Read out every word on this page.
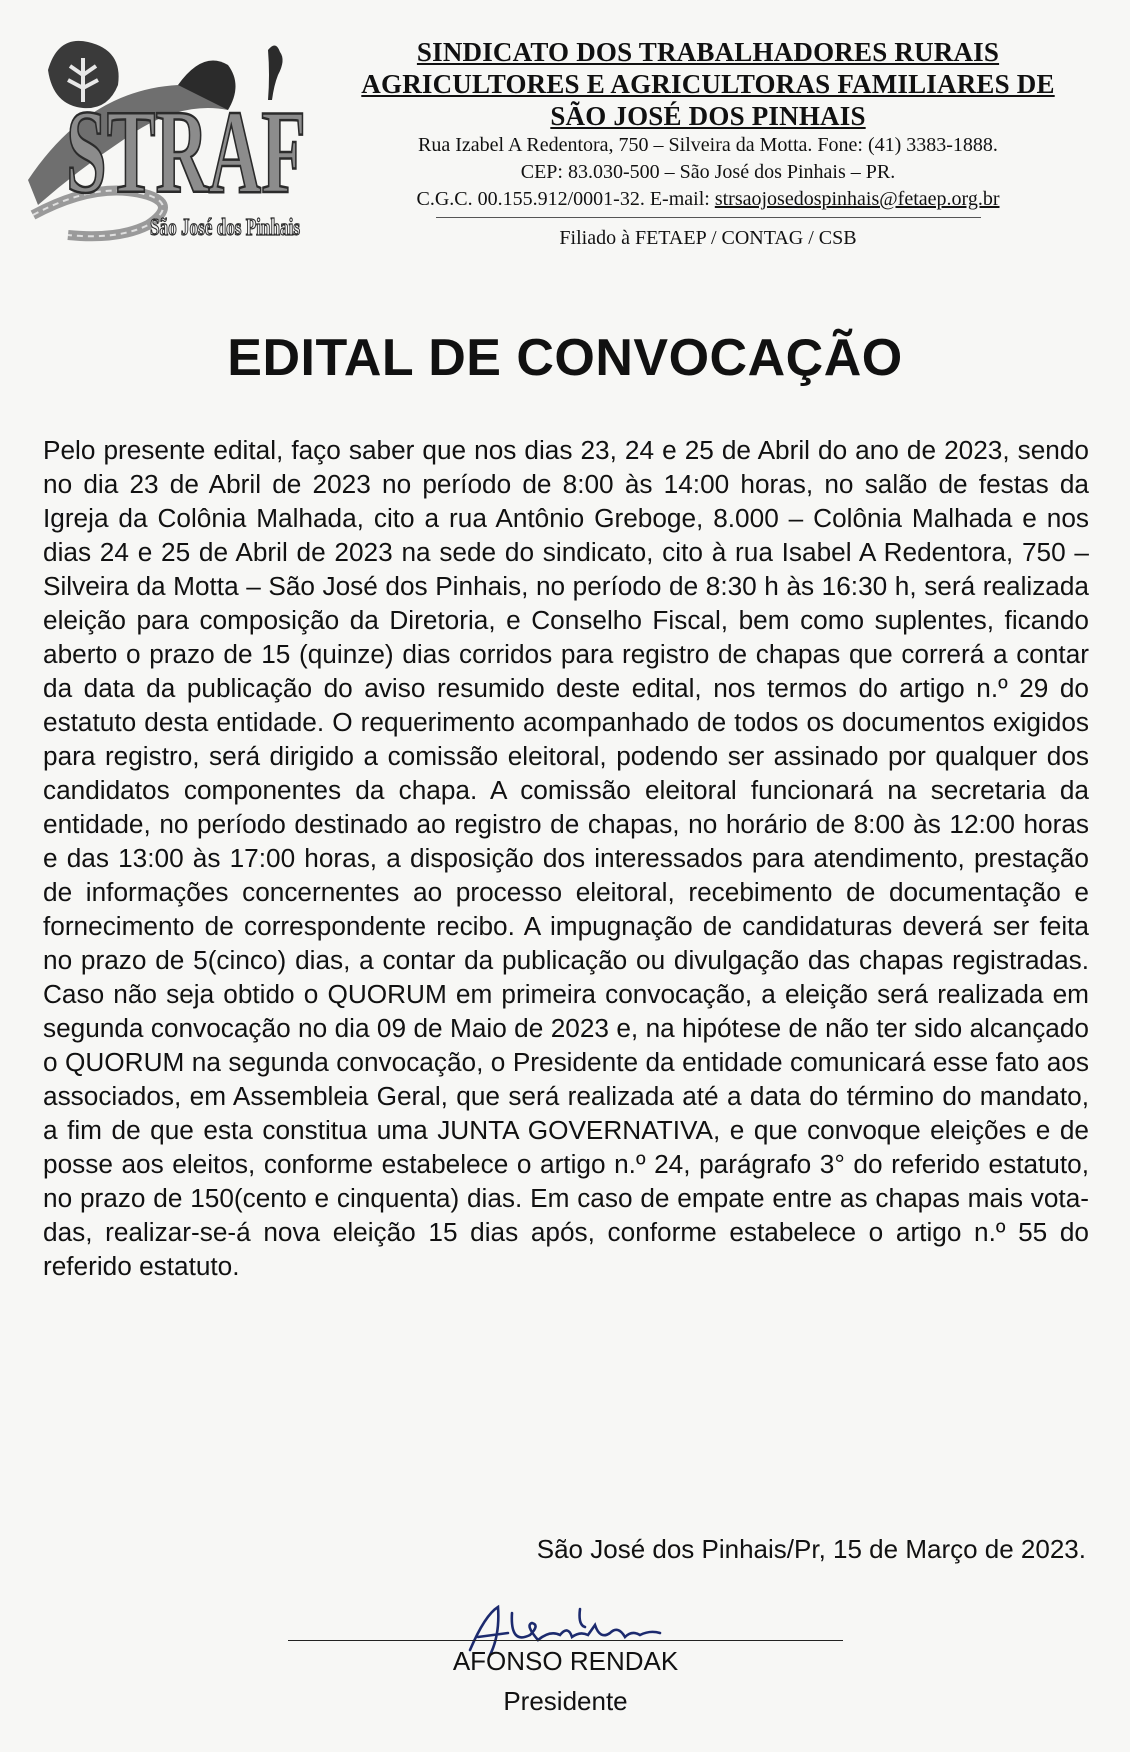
STRAF
São José dos Pinhais
SINDICATO DOS TRABALHADORES RURAIS
AGRICULTORES E AGRICULTORAS FAMILIARES DE
SÃO JOSÉ DOS PINHAIS
Rua Izabel A Redentora, 750 – Silveira da Motta. Fone: (41) 3383-1888.
CEP: 83.030-500 – São José dos Pinhais – PR.
C.G.C. 00.155.912/0001-32. E-mail: strsaojosedospinhais@fetaep.org.br
Filiado à FETAEP / CONTAG / CSB
EDITAL DE CONVOCAÇÃO
Pelo presente edital, faço saber que nos dias 23, 24 e 25 de Abril do ano de 2023, sendo no dia 23 de Abril de 2023 no período de 8:00 às 14:00 horas, no salão de festas da Igreja da Colônia Malhada, cito a rua Antônio Greboge, 8.000 – Colônia Malhada e nos dias 24 e 25 de Abril de 2023 na sede do sindicato, cito à rua Isabel A Redentora, 750 – Silveira da Motta – São José dos Pinhais, no período de 8:30 h às 16:30 h, será realizada eleição para composição da Diretoria, e Conselho Fiscal, bem como suplentes, ficando aberto o prazo de 15 (quinze) dias corridos para registro de chapas que correrá a contar da data da publicação do aviso resumido deste edital, nos termos do artigo n.º 29 do estatuto desta entidade. O requerimento acompanhado de todos os documentos exigidos para registro, será dirigido a comissão eleitoral, podendo ser assinado por qualquer dos candidatos componentes da chapa. A comissão eleitoral funcionará na secretaria da entidade, no período destinado ao registro de chapas, no horário de 8:00 às 12:00 horas e das 13:00 às 17:00 horas, a disposição dos interessados para atendimento, prestação de informações concernentes ao processo eleitoral, recebimento de documentação e fornecimento de correspondente recibo. A impugnação de candidaturas deverá ser feita no prazo de 5(cinco) dias, a contar da publicação ou divulgação das chapas registradas. Caso não seja obtido o QUORUM em primeira convocação, a eleição será realizada em segunda convocação no dia 09 de Maio de 2023 e, na hipótese de não ter sido alcançado o QUORUM na segunda convocação, o Presidente da entidade comunicará esse fato aos associados, em Assembleia Geral, que será realizada até a data do término do mandato, a fim de que esta constitua uma JUNTA GOVERNATIVA, e que convoque eleições e de posse aos eleitos, conforme estabelece o artigo n.º 24, parágrafo 3° do referido estatuto, no prazo de 150(cento e cinquenta) dias. Em caso de empate entre as chapas mais votadas, realizar-se-á nova eleição 15 dias após, conforme estabelece o artigo n.º 55 do referido estatuto.
São José dos Pinhais/Pr, 15 de Março de 2023.
AFONSO RENDAK
Presidente
